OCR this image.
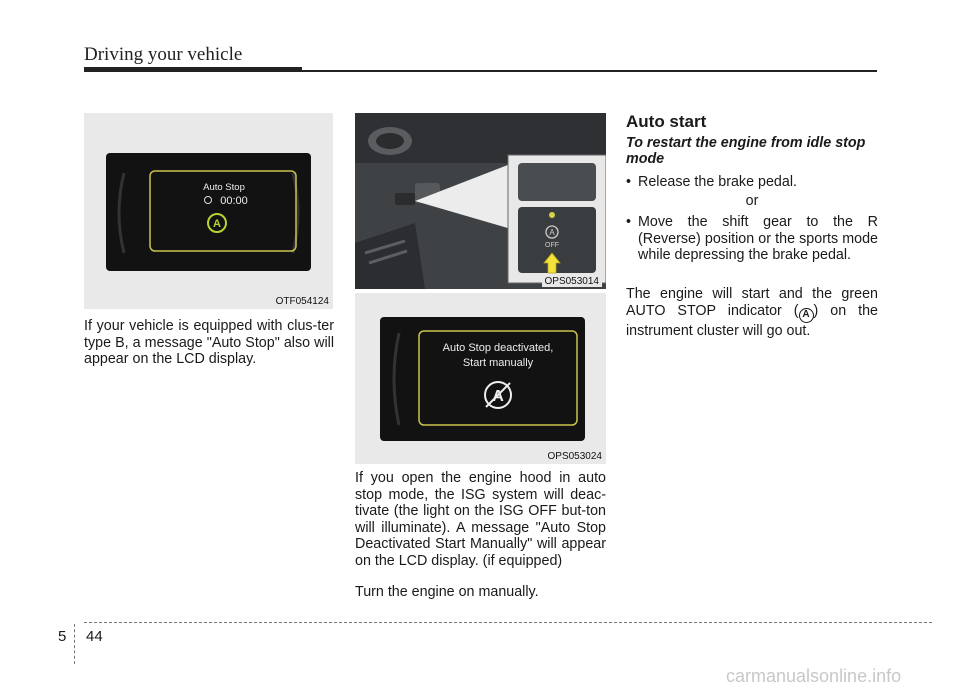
Driving your vehicle
Auto Stop
00:00
A
OTF054124
A
OFF
OPS053014
Auto Stop deactivated,
Start manually
A
OPS053024
If your vehicle is equipped with clus-ter type B, a message "Auto Stop" also will appear on the LCD display.
If you open the engine hood in auto stop mode, the ISG system will deac-tivate (the light on the ISG OFF but-ton will illuminate). A message "Auto Stop Deactivated Start Manually" will appear on the LCD display. (if equipped)
Turn the engine on manually.
Auto start
To restart the engine from idle stop mode
• Release the brake pedal.
or
• Move the shift gear to the R (Reverse) position or the sports mode while depressing the brake pedal.
The engine will start and the green AUTO STOP indicator ( A ) on the instrument cluster will go out.
5 44
carmanualsonline.info
